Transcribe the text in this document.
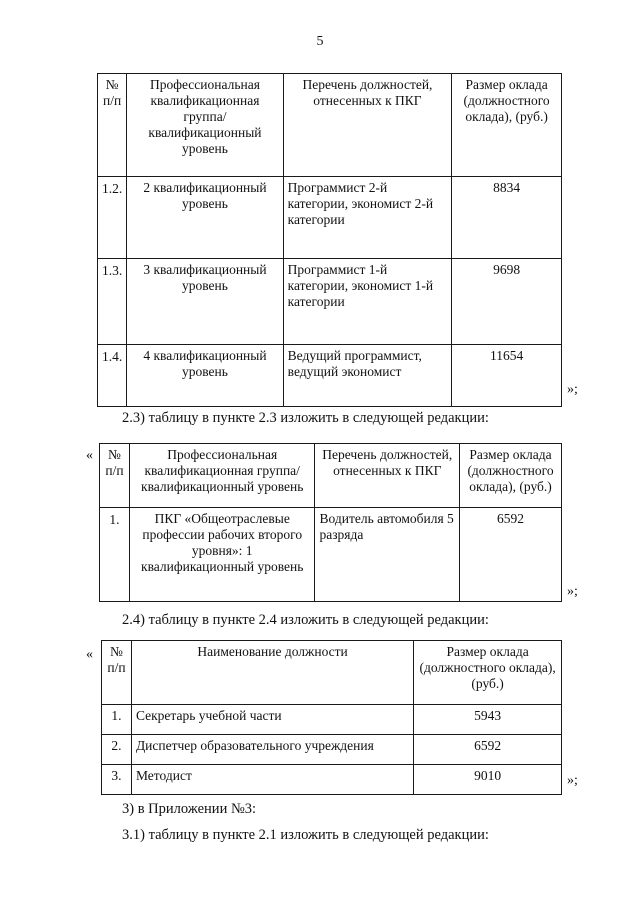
5
№ п/п	Профессиональная квалификационная группа/ квалификационный уровень	Перечень должностей, отнесенных к ПКГ	Размер оклада (должностного оклада), (руб.)
1.2.	2 квалификационный уровень	Программист 2-й категории, экономист 2-й категории	8834
1.3.	3 квалификационный уровень	Программист 1-й категории, экономист 1-й категории	9698
1.4.	4 квалификационный уровень	Ведущий программист, ведущий экономист	11654
»;
2.3) таблицу в пункте 2.3 изложить в следующей редакции:
« № п/п	Профессиональная квалификационная группа/ квалификационный уровень	Перечень должностей, отнесенных к ПКГ	Размер оклада (должностного оклада), (руб.)
1.	ПКГ «Общеотраслевые профессии рабочих второго уровня»: 1 квалификационный уровень	Водитель автомобиля 5 разряда	6592
»;
2.4) таблицу в пункте 2.4 изложить в следующей редакции:
« № п/п	Наименование должности	Размер оклада (должностного оклада), (руб.)
1.	Секретарь учебной части	5943
2.	Диспетчер образовательного учреждения	6592
3.	Методист	9010	»;
3) в Приложении №3:
3.1) таблицу в пункте 2.1 изложить в следующей редакции:
